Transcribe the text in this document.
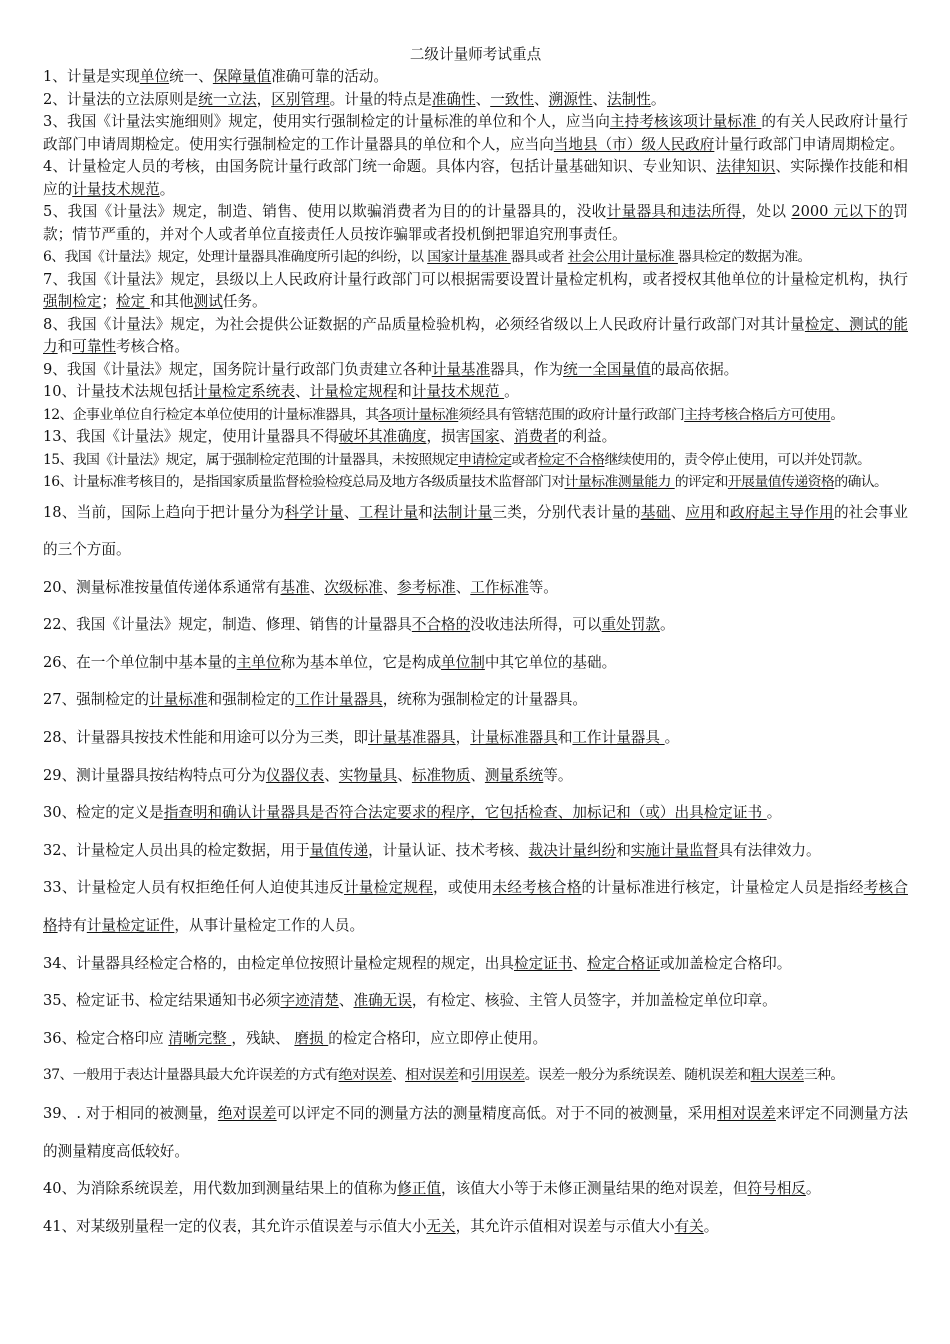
二级计量师考试重点

1、计量是实现单位统一、保障量值准确可靠的活动。

2、计量法的立法原则是统一立法，区别管理。计量的特点是准确性、一致性、溯源性、法制性。

3、我国《计量法实施细则》规定，使用实行强制检定的计量标准的单位和个人，应当向主持考核该项计量标准 的有关人民政府计量行政部门申请周期检定。使用实行强制检定的工作计量器具的单位和个人，应当向当地县（市）级人民政府计量行政部门申请周期检定。

4、计量检定人员的考核，由国务院计量行政部门统一命题。具体内容，包括计量基础知识、专业知识、法律知识、实际操作技能和相应的计量技术规范。

5、我国《计量法》规定，制造、销售、使用以欺骗消费者为目的的计量器具的，没收计量器具和违法所得，处以 2000 元以下的罚款；情节严重的，并对个人或者单位直接责任人员按诈骗罪或者投机倒把罪追究刑事责任。

6、我国《计量法》规定，处理计量器具准确度所引起的纠纷，以 国家计量基准 器具或者 社会公用计量标准 器具检定的数据为准。

7、我国《计量法》规定，县级以上人民政府计量行政部门可以根据需要设置计量检定机构，或者授权其他单位的计量检定机构，执行强制检定；检定 和其他测试任务。

8、我国《计量法》规定，为社会提供公证数据的产品质量检验机构，必须经省级以上人民政府计量行政部门对其计量检定、测试的能力和可靠性考核合格。

9、我国《计量法》规定，国务院计量行政部门负责建立各种计量基准器具，作为统一全国量值的最高依据。

10、计量技术法规包括计量检定系统表、计量检定规程和计量技术规范 。

12、企事业单位自行检定本单位使用的计量标准器具，其各项计量标准须经具有管辖范围的政府计量行政部门主持考核合格后方可使用。

13、我国《计量法》规定，使用计量器具不得破坏其准确度，损害国家、消费者的利益。

15、我国《计量法》规定，属于强制检定范围的计量器具，未按照规定申请检定或者检定不合格继续使用的，责令停止使用，可以并处罚款。

16、计量标准考核目的，是指国家质量监督检验检疫总局及地方各级质量技术监督部门对计量标准测量能力 的评定和开展量值传递资格的确认。

18、当前，国际上趋向于把计量分为科学计量、工程计量和法制计量三类，分别代表计量的基础、应用和政府起主导作用的社会事业的三个方面。

20、测量标准按量值传递体系通常有基准、次级标准、参考标准、工作标准等。

22、我国《计量法》规定，制造、修理、销售的计量器具不合格的没收违法所得，可以重处罚款。

26、在一个单位制中基本量的主单位称为基本单位，它是构成单位制中其它单位的基础。

27、强制检定的计量标准和强制检定的工作计量器具，统称为强制检定的计量器具。

28、计量器具按技术性能和用途可以分为三类，即计量基准器具，计量标准器具和工作计量器具 。

29、测计量器具按结构特点可分为仪器仪表、实物量具、标准物质、测量系统等。

30、检定的定义是指查明和确认计量器具是否符合法定要求的程序，它包括检查、加标记和（或）出具检定证书 。

32、计量检定人员出具的检定数据，用于量值传递，计量认证、技术考核、裁决计量纠纷和实施计量监督具有法律效力。

33、计量检定人员有权拒绝任何人迫使其违反计量检定规程，或使用未经考核合格的计量标准进行核定，计量检定人员是指经考核合格持有计量检定证件，从事计量检定工作的人员。

34、计量器具经检定合格的，由检定单位按照计量检定规程的规定，出具检定证书、检定合格证或加盖检定合格印。

35、检定证书、检定结果通知书必须字迹清楚、准确无误，有检定、核验、主管人员签字，并加盖检定单位印章。

36、检定合格印应 清晰完整 ，残缺、 磨损 的检定合格印，应立即停止使用。

37、一般用于表达计量器具最大允许误差的方式有绝对误差、相对误差和引用误差。误差一般分为系统误差、随机误差和粗大误差三种。

39、. 对于相同的被测量，绝对误差可以评定不同的测量方法的测量精度高低。对于不同的被测量，采用相对误差来评定不同测量方法的测量精度高低较好。

40、为消除系统误差，用代数加到测量结果上的值称为修正值，该值大小等于未修正测量结果的绝对误差，但符号相反。

41、对某级别量程一定的仪表，其允许示值误差与示值大小无关，其允许示值相对误差与示值大小有关。
